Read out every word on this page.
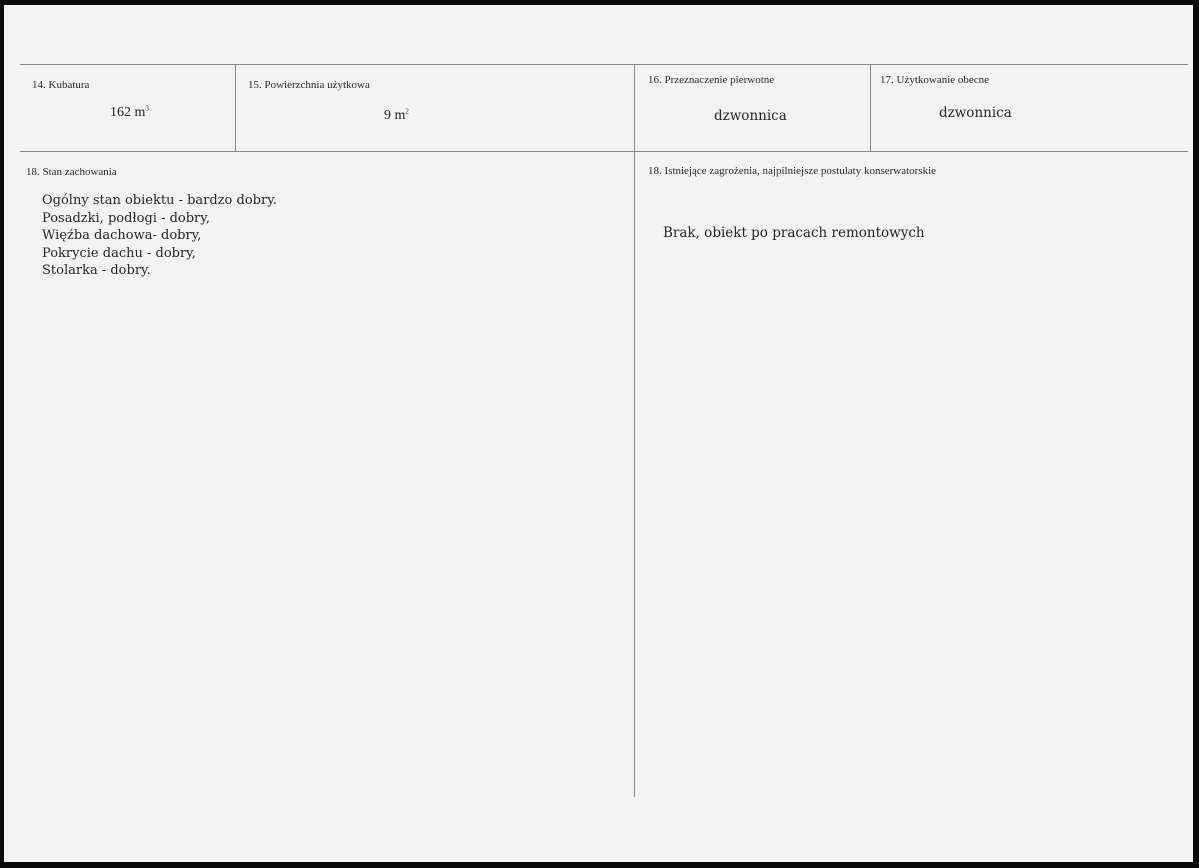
14. Kubatura
162 $m^3$
15. Powierzchnia użytkowa
9 $m^2$
16. Przeznaczenie pierwotne
dzwonnica
17. Użytkowanie obecne
dzwonnica
18. Stan zachowania
Ogólny stan obiektu - bardzo dobry.
Posadzki, podłogi - dobry,
Więźba dachowa- dobry,
Pokrycie dachu - dobry,
Stolarka - dobry.
18. Istniejące zagrożenia, najpilniejsze postulaty konserwatorskie
Brak, obiekt po pracach remontowych
